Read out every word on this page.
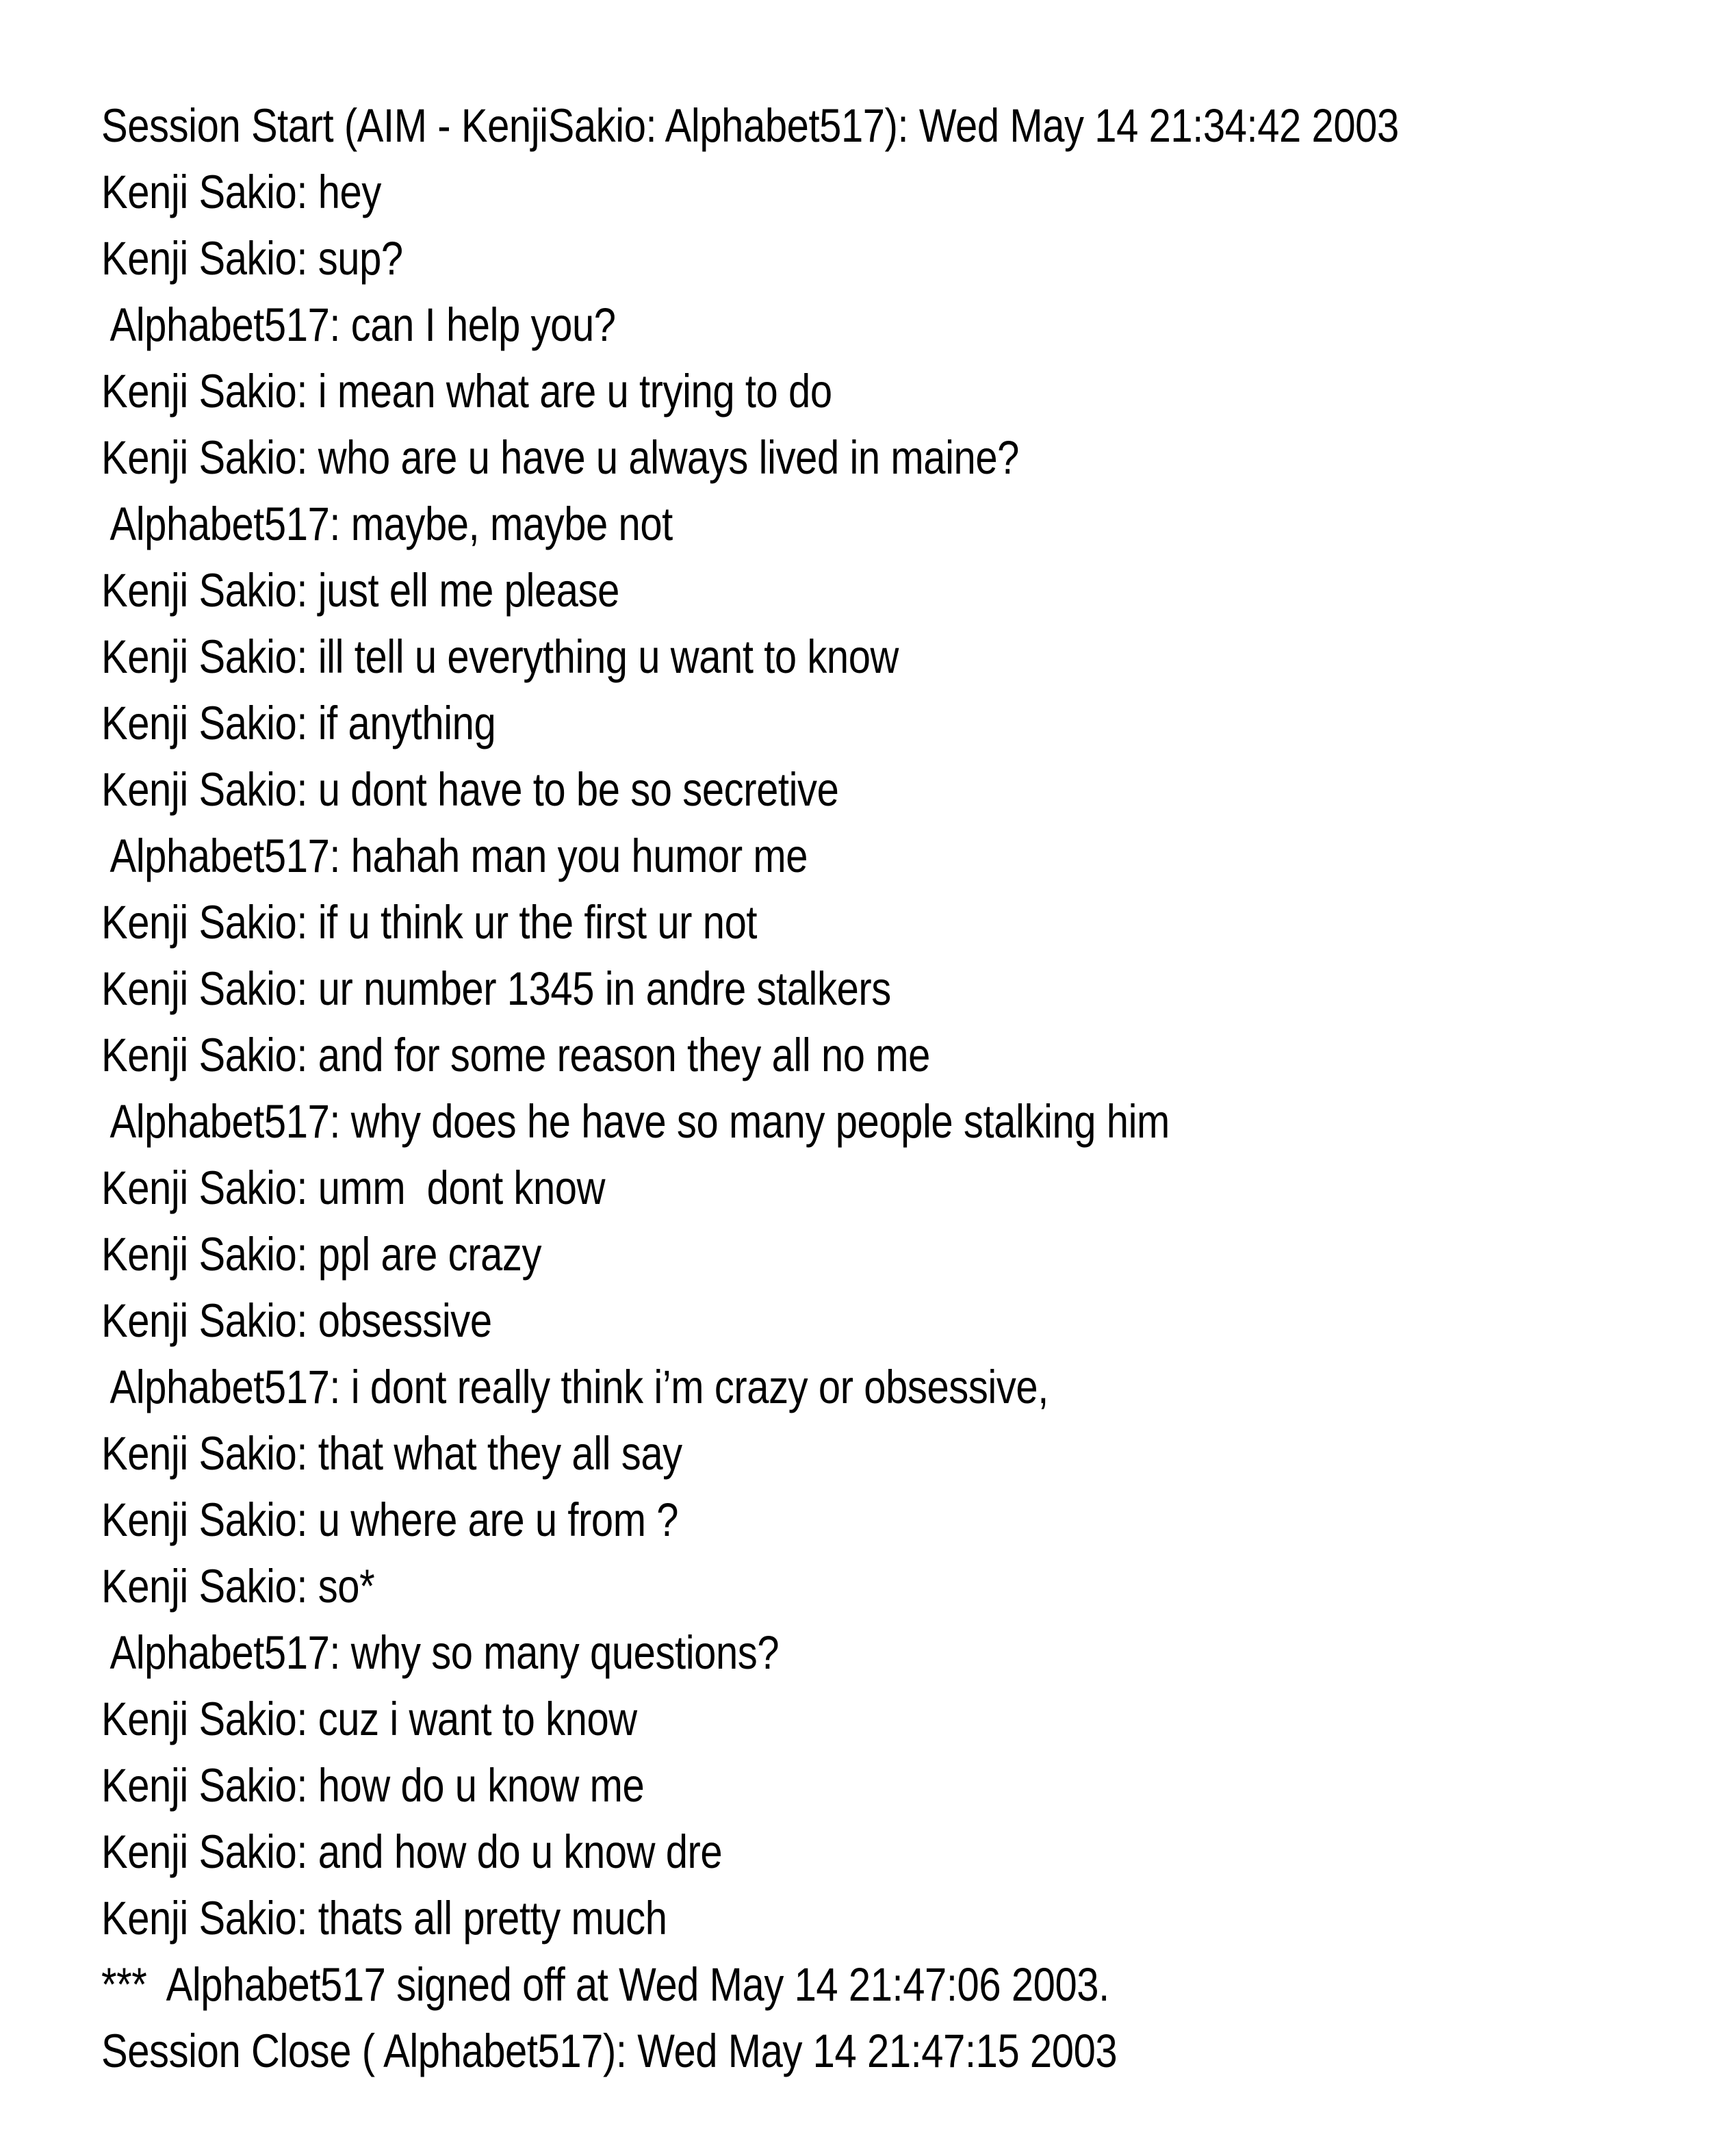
Session Start (AIM - KenjiSakio: Alphabet517): Wed May 14 21:34:42 2003
Kenji Sakio: hey
Kenji Sakio: sup?
Alphabet517: can I help you?
Kenji Sakio: i mean what are u trying to do
Kenji Sakio: who are u have u always lived in maine?
Alphabet517: maybe, maybe not
Kenji Sakio: just ell me please
Kenji Sakio: ill tell u everything u want to know
Kenji Sakio: if anything
Kenji Sakio: u dont have to be so secretive
Alphabet517: hahah man you humor me
Kenji Sakio: if u think ur the first ur not
Kenji Sakio: ur number 1345 in andre stalkers
Kenji Sakio: and for some reason they all no me
Alphabet517: why does he have so many people stalking him
Kenji Sakio: umm  dont know
Kenji Sakio: ppl are crazy
Kenji Sakio: obsessive
Alphabet517: i dont really think i’m crazy or obsessive,
Kenji Sakio: that what they all say
Kenji Sakio: u where are u from ?
Kenji Sakio: so*
Alphabet517: why so many questions?
Kenji Sakio: cuz i want to know
Kenji Sakio: how do u know me
Kenji Sakio: and how do u know dre
Kenji Sakio: thats all pretty much
***  Alphabet517 signed off at Wed May 14 21:47:06 2003.
Session Close ( Alphabet517): Wed May 14 21:47:15 2003
